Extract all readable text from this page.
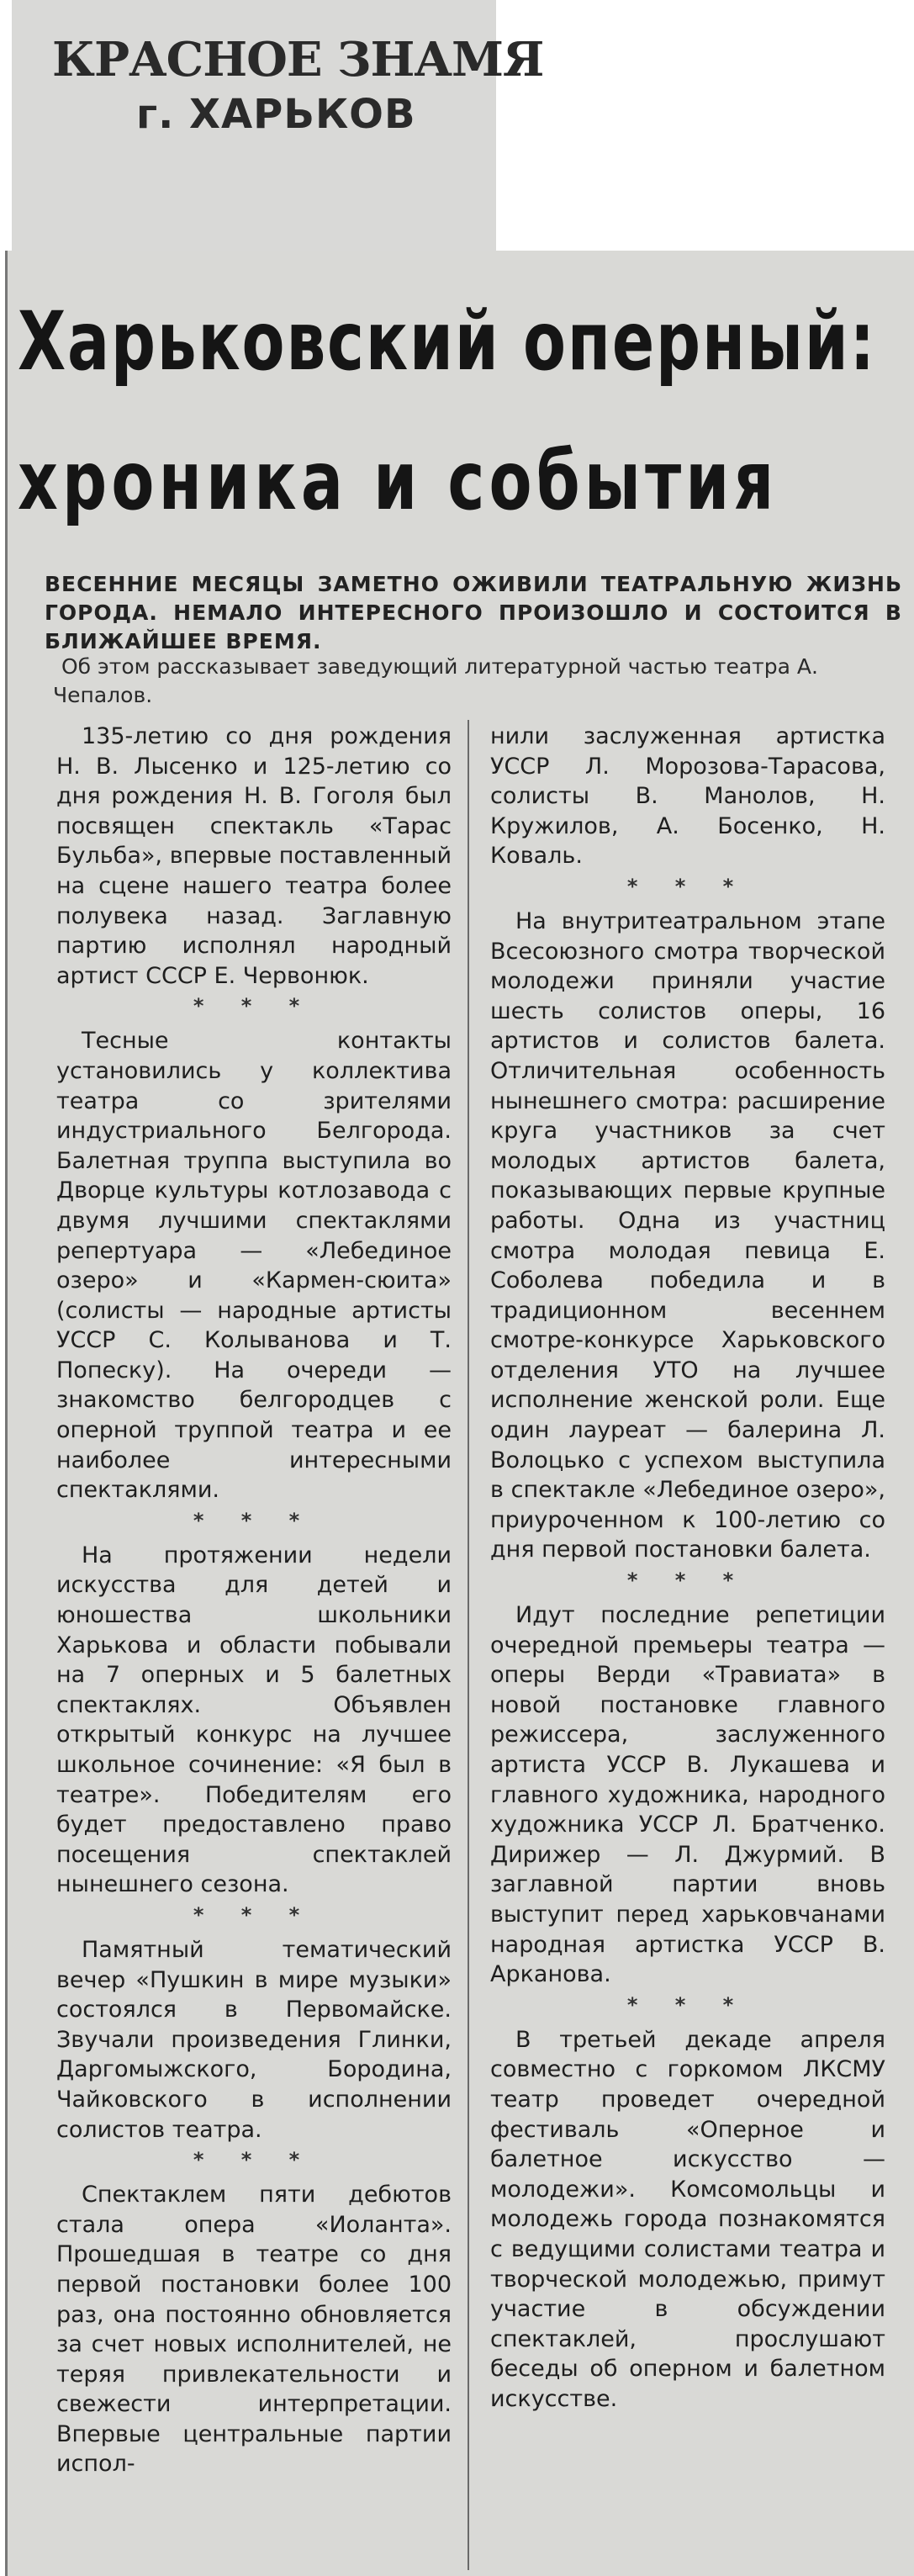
КРАСНОЕ ЗНАМЯ
г. ХАРЬКОВ
Харьковский оперный:
хроника и события
ВЕСЕННИЕ МЕСЯЦЫ ЗАМЕТНО ОЖИВИЛИ ТЕАТРАЛЬНУЮ ЖИЗНЬ ГОРОДА. НЕМАЛО ИНТЕРЕСНОГО ПРОИЗОШЛО И СОСТОИТСЯ В БЛИЖАЙШЕЕ ВРЕМЯ.
Об этом рассказывает заведующий литературной частью театра А. Чепалов.

135-летию со дня рождения Н. В. Лысенко и 125-летию со дня рождения Н. В. Гоголя был посвящен спектакль «Тарас Бульба», впервые поставленный на сцене нашего театра более полувека назад. Заглавную партию исполнял народный артист СССР Е. Червонюк.

* * *

Тесные контакты установились у коллектива театра со зрителями индустриального Белгорода. Балетная труппа выступила во Дворце культуры котлозавода с двумя лучшими спектаклями репертуара — «Лебединое озеро» и «Кармен-сюита» (солисты — народные артисты УССР С. Колыванова и Т. Попеску). На очереди — знакомство белгородцев с оперной труппой театра и ее наиболее интересными спектаклями.

* * *

На протяжении недели искусства для детей и юношества школьники Харькова и области побывали на 7 оперных и 5 балетных спектаклях. Объявлен открытый конкурс на лучшее школьное сочинение: «Я был в театре». Победителям его будет предоставлено право посещения спектаклей нынешнего сезона.

* * *

Памятный тематический вечер «Пушкин в мире музыки» состоялся в Первомайске. Звучали произведения Глинки, Даргомыжского, Бородина, Чайковского в исполнении солистов театра.

* * *

Спектаклем пяти дебютов стала опера «Иоланта». Прошедшая в театре со дня первой постановки более 100 раз, она постоянно обновляется за счет новых исполнителей, не теряя привлекательности и свежести интерпретации. Впервые центральные партии испол-

нили заслуженная артистка УССР Л. Морозова-Тарасова, солисты В. Манолов, Н. Кружилов, А. Босенко, Н. Коваль.

* * *

На внутритеатральном этапе Всесоюзного смотра творческой молодежи приняли участие шесть солистов оперы, 16 артистов и солистов балета. Отличительная особенность нынешнего смотра: расширение круга участников за счет молодых артистов балета, показывающих первые крупные работы. Одна из участниц смотра молодая певица Е. Соболева победила и в традиционном весеннем смотре-конкурсе Харьковского отделения УТО на лучшее исполнение женской роли. Еще один лауреат — балерина Л. Волоцько с успехом выступила в спектакле «Лебединое озеро», приуроченном к 100-летию со дня первой постановки балета.

* * *

Идут последние репетиции очередной премьеры театра — оперы Верди «Травиата» в новой постановке главного режиссера, заслуженного артиста УССР В. Лукашева и главного художника, народного художника УССР Л. Братченко. Дирижер — Л. Джурмий. В заглавной партии вновь выступит перед харьковчанами народная артистка УССР В. Арканова.

* * *

В третьей декаде апреля совместно с горкомом ЛКСМУ театр проведет очередной фестиваль «Оперное и балетное искусство — молодежи». Комсомольцы и молодежь города познакомятся с ведущими солистами театра и творческой молодежью, примут участие в обсуждении спектаклей, прослушают беседы об оперном и балетном искусстве.
